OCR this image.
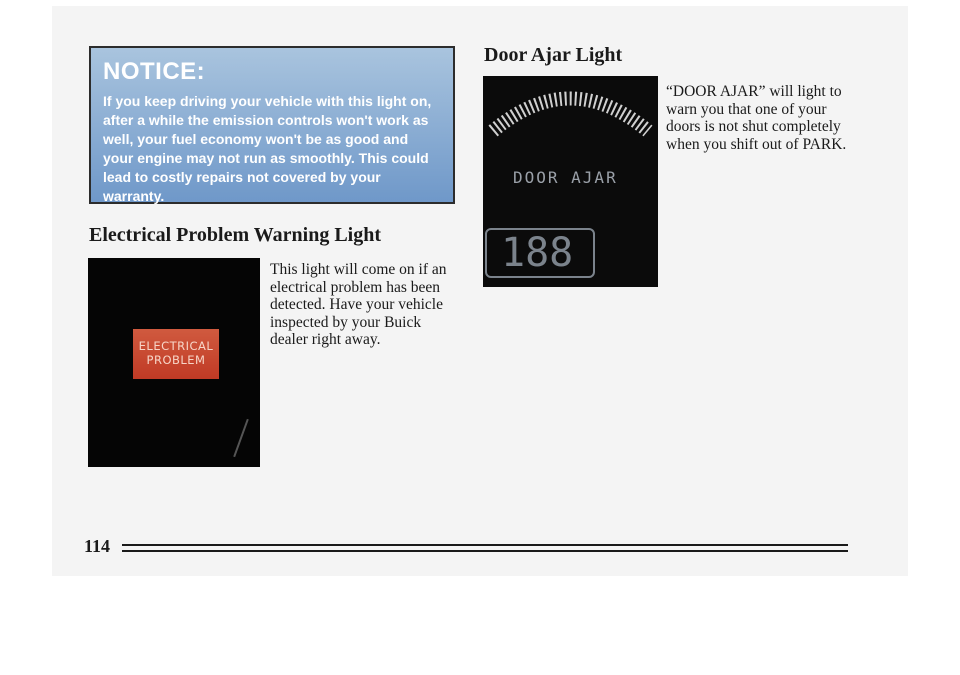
NOTICE:

If you keep driving your vehicle with this light on, after a while the emission controls won't work as well, your fuel economy won't be as good and your engine may not run as smoothly. This could lead to costly repairs not covered by your warranty.

Electrical Problem Warning Light
ELECTRICAL
PROBLEM

This light will come on if an electrical problem has been detected. Have your vehicle inspected by your Buick dealer right away.

Door Ajar Light
DOOR AJAR
188

“DOOR AJAR” will light to warn you that one of your doors is not shut completely when you shift out of PARK.

114
